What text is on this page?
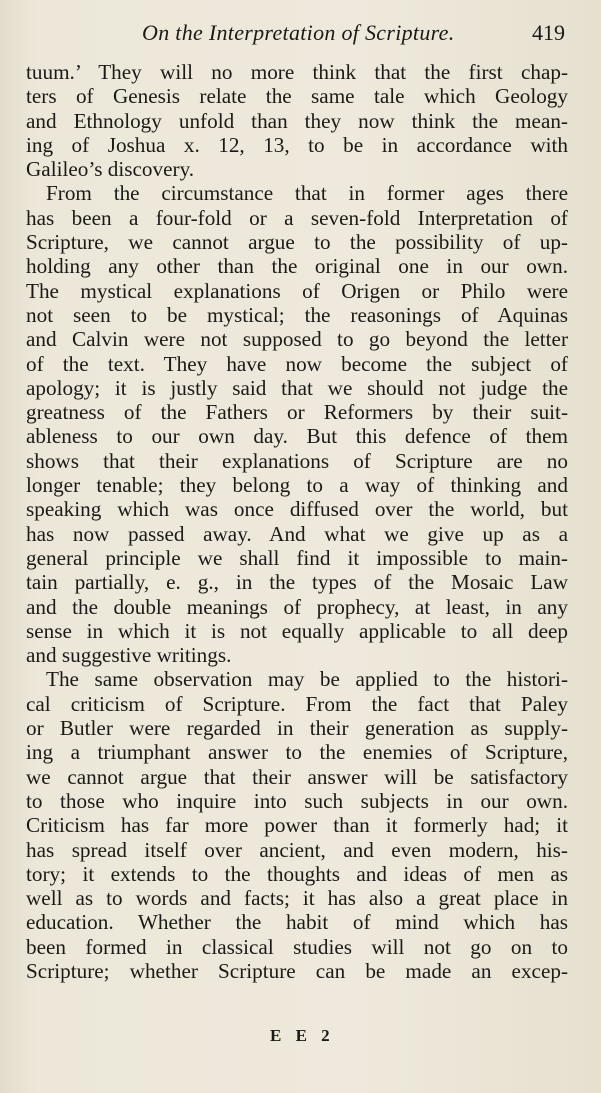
On the Interpretation of Scripture.	419
tuum.’ They will no more think that the first chap-
ters of Genesis relate the same tale which Geology
and Ethnology unfold than they now think the mean-
ing of Joshua x. 12, 13, to be in accordance with
Galileo’s discovery.
From the circumstance that in former ages there
has been a four-fold or a seven-fold Interpretation of
Scripture, we cannot argue to the possibility of up-
holding any other than the original one in our own.
The mystical explanations of Origen or Philo were
not seen to be mystical; the reasonings of Aquinas
and Calvin were not supposed to go beyond the letter
of the text. They have now become the subject of
apology; it is justly said that we should not judge the
greatness of the Fathers or Reformers by their suit-
ableness to our own day. But this defence of them
shows that their explanations of Scripture are no
longer tenable; they belong to a way of thinking and
speaking which was once diffused over the world, but
has now passed away. And what we give up as a
general principle we shall find it impossible to main-
tain partially, e. g., in the types of the Mosaic Law
and the double meanings of prophecy, at least, in any
sense in which it is not equally applicable to all deep
and suggestive writings.
The same observation may be applied to the histori-
cal criticism of Scripture. From the fact that Paley
or Butler were regarded in their generation as supply-
ing a triumphant answer to the enemies of Scripture,
we cannot argue that their answer will be satisfactory
to those who inquire into such subjects in our own.
Criticism has far more power than it formerly had; it
has spread itself over ancient, and even modern, his-
tory; it extends to the thoughts and ideas of men as
well as to words and facts; it has also a great place in
education. Whether the habit of mind which has
been formed in classical studies will not go on to
Scripture; whether Scripture can be made an excep-
E E 2
